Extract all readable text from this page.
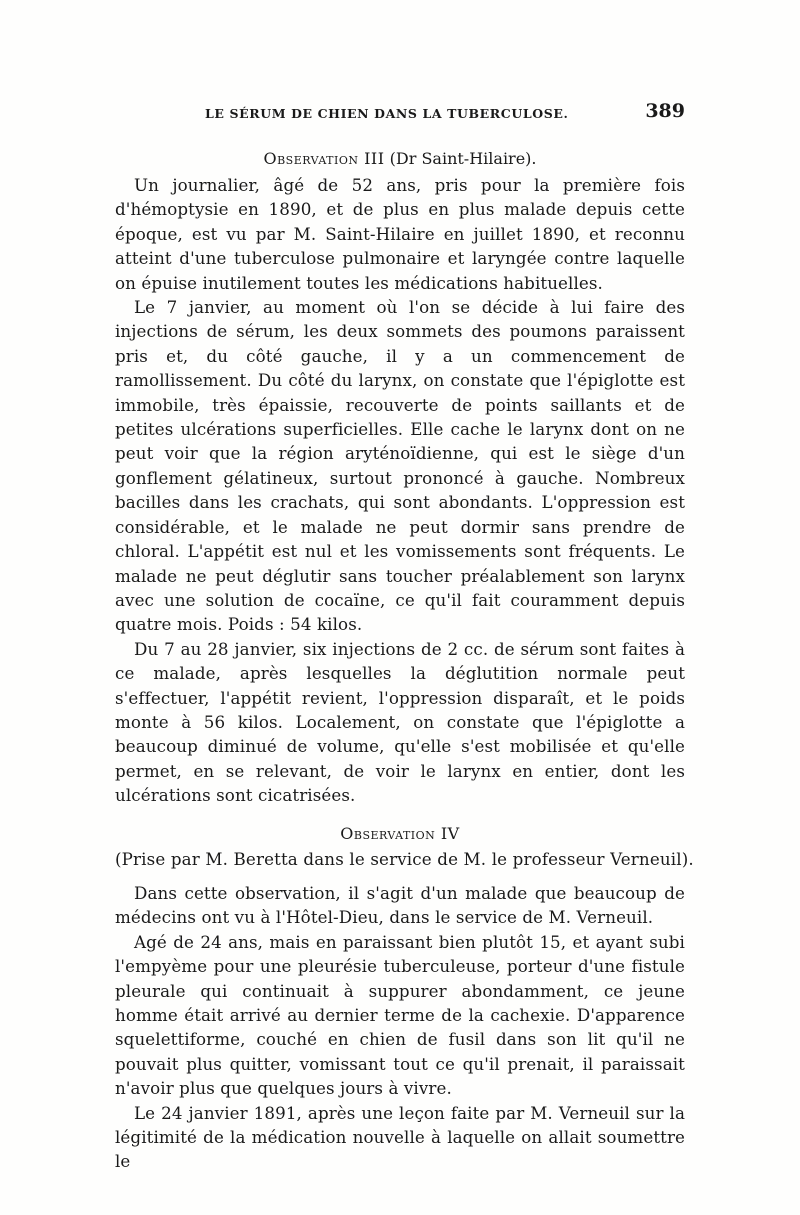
LE SÉRUM DE CHIEN DANS LA TUBERCULOSE.	389
Observation III (Dr Saint-Hilaire).

Un journalier, âgé de 52 ans, pris pour la première fois d'hémoptysie en 1890, et de plus en plus malade depuis cette époque, est vu par M. Saint-Hilaire en juillet 1890, et reconnu atteint d'une tuberculose pulmonaire et laryngée contre laquelle on épuise inutilement toutes les médications habituelles.

Le 7 janvier, au moment où l'on se décide à lui faire des injections de sérum, les deux sommets des poumons paraissent pris et, du côté gauche, il y a un commencement de ramollissement. Du côté du larynx, on constate que l'épiglotte est immobile, très épaissie, recouverte de points saillants et de petites ulcérations superficielles. Elle cache le larynx dont on ne peut voir que la région aryténoïdienne, qui est le siège d'un gonflement gélatineux, surtout prononcé à gauche. Nombreux bacilles dans les crachats, qui sont abondants. L'oppression est considérable, et le malade ne peut dormir sans prendre de chloral. L'appétit est nul et les vomissements sont fréquents. Le malade ne peut déglutir sans toucher préalablement son larynx avec une solution de cocaïne, ce qu'il fait couramment depuis quatre mois. Poids : 54 kilos.

Du 7 au 28 janvier, six injections de 2 cc. de sérum sont faites à ce malade, après lesquelles la déglutition normale peut s'effectuer, l'appétit revient, l'oppression disparaît, et le poids monte à 56 kilos. Localement, on constate que l'épiglotte a beaucoup diminué de volume, qu'elle s'est mobilisée et qu'elle permet, en se relevant, de voir le larynx en entier, dont les ulcérations sont cicatrisées.

Observation IV

(Prise par M. Beretta dans le service de M. le professeur Verneuil).

Dans cette observation, il s'agit d'un malade que beaucoup de médecins ont vu à l'Hôtel-Dieu, dans le service de M. Verneuil.

Agé de 24 ans, mais en paraissant bien plutôt 15, et ayant subi l'empyème pour une pleurésie tuberculeuse, porteur d'une fistule pleurale qui continuait à suppurer abondamment, ce jeune homme était arrivé au dernier terme de la cachexie. D'apparence squelettiforme, couché en chien de fusil dans son lit qu'il ne pouvait plus quitter, vomissant tout ce qu'il prenait, il paraissait n'avoir plus que quelques jours à vivre.

Le 24 janvier 1891, après une leçon faite par M. Verneuil sur la légitimité de la médication nouvelle à laquelle on allait soumettre le
